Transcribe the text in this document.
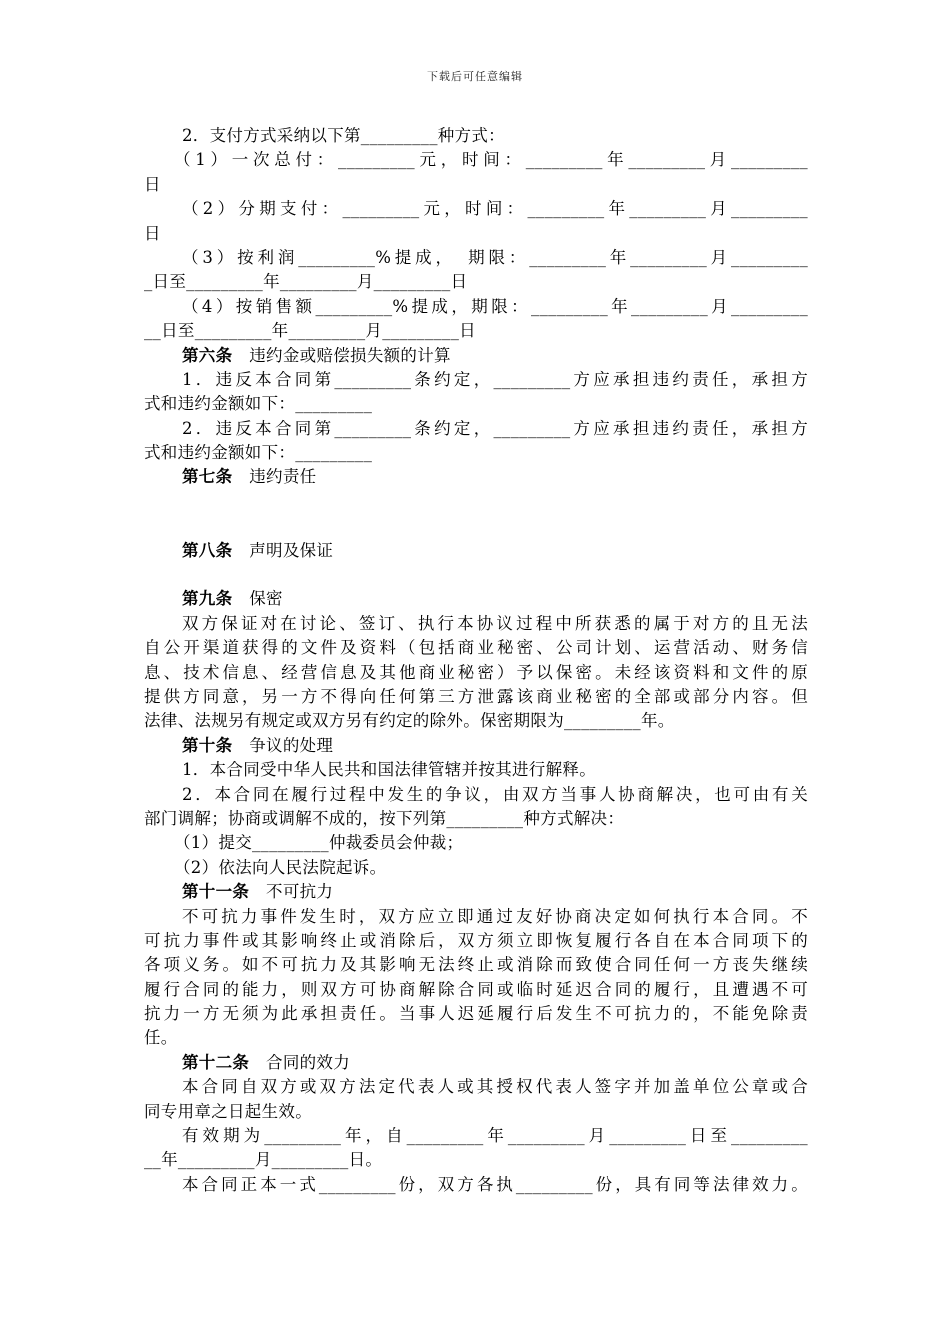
下载后可任意编辑
2．支付方式采纳以下第_________种方式：
（1）一次总付：_________元，时间：_________年_________月_________
日
（2）分期支付：_________元，时间：_________年_________月_________
日
（3）按利润_________%提成，　期限：_________年_________月_________
_日至_________年_________月_________日
（4）按销售额_________%提成，期限：_________年_________月_________
__日至_________年_________月_________日
第六条　 违约金或赔偿损失额的计算
1．违反本合同第_________条约定，_________方应承担违约责任，承担方
式和违约金额如下：_________
2．违反本合同第_________条约定，_________方应承担违约责任，承担方
式和违约金额如下：_________
第七条　 违约责任
第八条　 声明及保证
第九条　 保密
双方保证对在讨论、签订、执行本协议过程中所获悉的属于对方的且无法
自公开渠道获得的文件及资料（包括商业秘密、公司计划、运营活动、财务信
息、技术信息、经营信息及其他商业秘密）予以保密。未经该资料和文件的原
提供方同意，另一方不得向任何第三方泄露该商业秘密的全部或部分内容。但
法律、法规另有规定或双方另有约定的除外。保密期限为_________年。
第十条　 争议的处理
1．本合同受中华人民共和国法律管辖并按其进行解释。
2．本合同在履行过程中发生的争议，由双方当事人协商解决，也可由有关
部门调解；协商或调解不成的，按下列第_________种方式解决：
（1）提交_________仲裁委员会仲裁；
（2）依法向人民法院起诉。
第十一条　 不可抗力
不可抗力事件发生时，双方应立即通过友好协商决定如何执行本合同。不
可抗力事件或其影响终止或消除后，双方须立即恢复履行各自在本合同项下的
各项义务。如不可抗力及其影响无法终止或消除而致使合同任何一方丧失继续
履行合同的能力，则双方可协商解除合同或临时延迟合同的履行，且遭遇不可
抗力一方无须为此承担责任。当事人迟延履行后发生不可抗力的，不能免除责
任。
第十二条　 合同的效力
本合同自双方或双方法定代表人或其授权代表人签字并加盖单位公章或合
同专用章之日起生效。
有效期为_________年，自_________年_________月_________日至_________
__年_________月_________日。
本合同正本一式_________份，双方各执_________份，具有同等法律效力。
